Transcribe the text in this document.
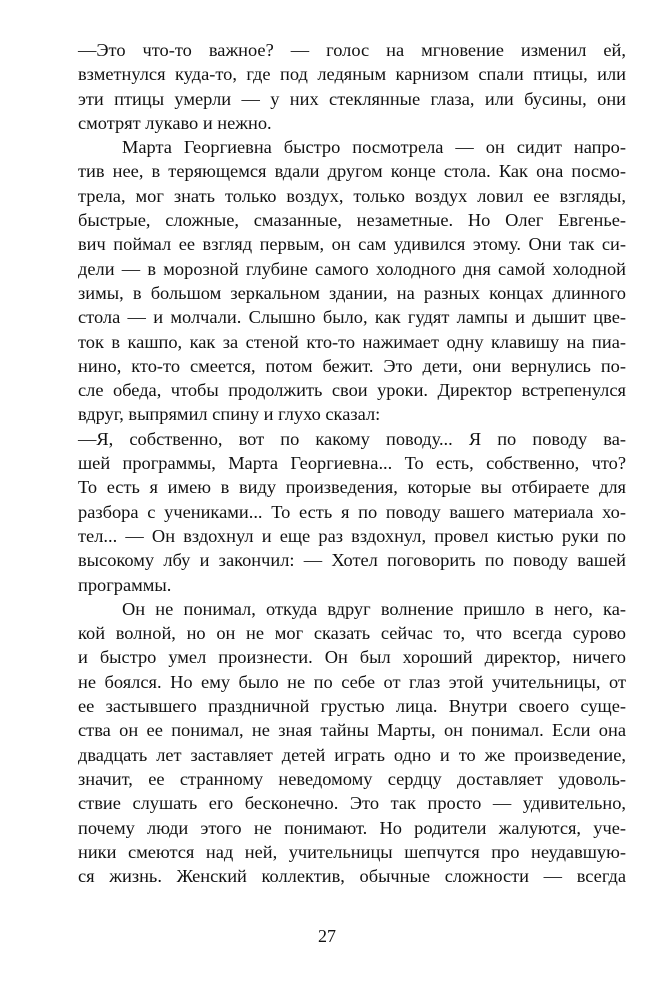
—Это что-то важное? — голос на мгновение изменил ей,
взметнулся куда-то, где под ледяным карнизом спали птицы, или
эти птицы умерли — у них стеклянные глаза, или бусины, они
смотрят лукаво и нежно.

Марта Георгиевна быстро посмотрела — он сидит напро-
тив нее, в теряющемся вдали другом конце стола. Как она посмо-
трела, мог знать только воздух, только воздух ловил ее взгляды,
быстрые, сложные, смазанные, незаметные. Но Олег Евгенье-
вич поймал ее взгляд первым, он сам удивился этому. Они так си-
дели — в морозной глубине самого холодного дня самой холодной
зимы, в большом зеркальном здании, на разных концах длинного
стола — и молчали. Слышно было, как гудят лампы и дышит цве-
ток в кашпо, как за стеной кто-то нажимает одну клавишу на пиа-
нино, кто-то смеется, потом бежит. Это дети, они вернулись по-
сле обеда, чтобы продолжить свои уроки. Директор встрепенулся
вдруг, выпрямил спину и глухо сказал:

—Я, собственно, вот по какому поводу... Я по поводу ва-
шей программы, Марта Георгиевна... То есть, собственно, что?
То есть я имею в виду произведения, которые вы отбираете для
разбора с учениками... То есть я по поводу вашего материала хо-
тел... — Он вздохнул и еще раз вздохнул, провел кистью руки по
высокому лбу и закончил: — Хотел поговорить по поводу вашей
программы.

Он не понимал, откуда вдруг волнение пришло в него, ка-
кой волной, но он не мог сказать сейчас то, что всегда сурово
и быстро умел произнести. Он был хороший директор, ничего
не боялся. Но ему было не по себе от глаз этой учительницы, от
ее застывшего праздничной грустью лица. Внутри своего суще-
ства он ее понимал, не зная тайны Марты, он понимал. Если она
двадцать лет заставляет детей играть одно и то же произведение,
значит, ее странному неведомому сердцу доставляет удоволь-
ствие слушать его бесконечно. Это так просто — удивительно,
почему люди этого не понимают. Но родители жалуются, уче-
ники смеются над ней, учительницы шепчутся про неудавшую-
ся жизнь. Женский коллектив, обычные сложности — всегда

27
